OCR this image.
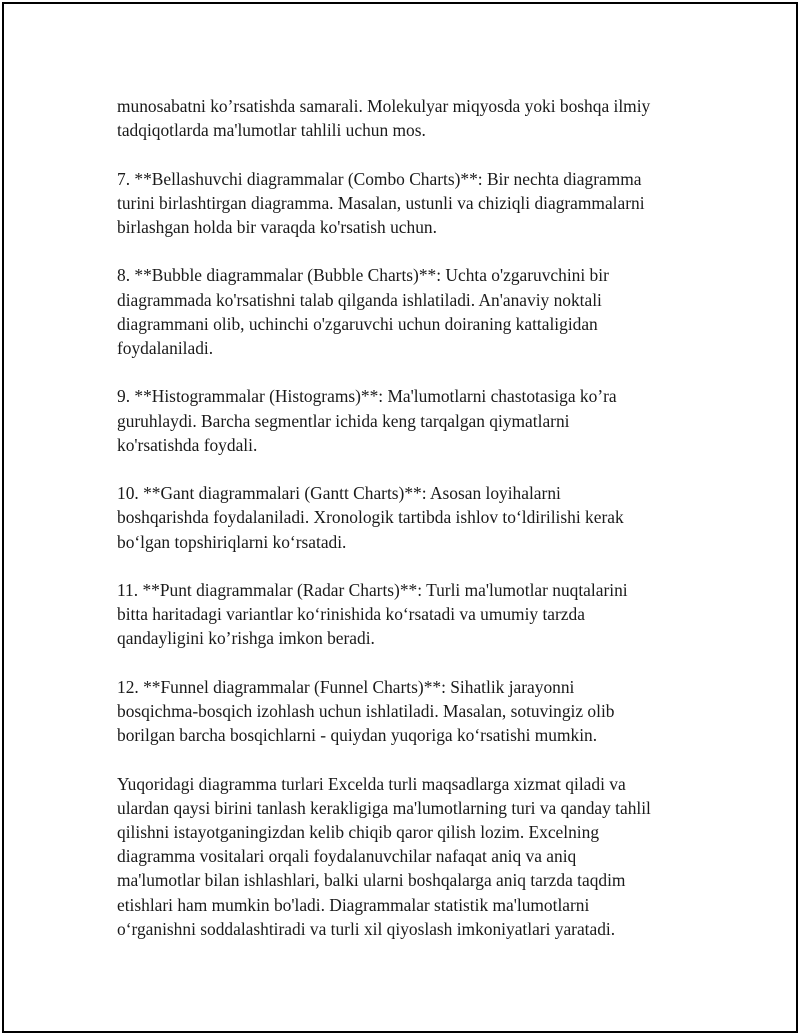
munosabatni ko’rsatishda samarali. Molekulyar miqyosda yoki boshqa ilmiy
tadqiqotlarda ma'lumotlar tahlili uchun mos.

7. **Bellashuvchi diagrammalar (Combo Charts)**: Bir nechta diagramma
turini birlashtirgan diagramma. Masalan, ustunli va chiziqli diagrammalarni
birlashgan holda bir varaqda ko'rsatish uchun.

8. **Bubble diagrammalar (Bubble Charts)**: Uchta o'zgaruvchini bir
diagrammada ko'rsatishni talab qilganda ishlatiladi. An'anaviy noktali
diagrammani olib, uchinchi o'zgaruvchi uchun doiraning kattaligidan
foydalaniladi.

9. **Histogrammalar (Histograms)**: Ma'lumotlarni chastotasiga ko’ra
guruhlaydi. Barcha segmentlar ichida keng tarqalgan qiymatlarni
ko'rsatishda foydali.

10. **Gant diagrammalari (Gantt Charts)**: Asosan loyihalarni
boshqarishda foydalaniladi. Xronologik tartibda ishlov to‘ldirilishi kerak
bo‘lgan topshiriqlarni ko‘rsatadi.

11. **Punt diagrammalar (Radar Charts)**: Turli ma'lumotlar nuqtalarini
bitta haritadagi variantlar ko‘rinishida ko‘rsatadi va umumiy tarzda
qandayligini ko’rishga imkon beradi.

12. **Funnel diagrammalar (Funnel Charts)**: Sihatlik jarayonni
bosqichma-bosqich izohlash uchun ishlatiladi. Masalan, sotuvingiz olib
borilgan barcha bosqichlarni - quiydan yuqoriga ko‘rsatishi mumkin.

Yuqoridagi diagramma turlari Excelda turli maqsadlarga xizmat qiladi va
ulardan qaysi birini tanlash kerakligiga ma'lumotlarning turi va qanday tahlil
qilishni istayotganingizdan kelib chiqib qaror qilish lozim. Excelning
diagramma vositalari orqali foydalanuvchilar nafaqat aniq va aniq
ma'lumotlar bilan ishlashlari, balki ularni boshqalarga aniq tarzda taqdim
etishlari ham mumkin bo'ladi. Diagrammalar statistik ma'lumotlarni
o‘rganishni soddalashtiradi va turli xil qiyoslash imkoniyatlari yaratadi.
